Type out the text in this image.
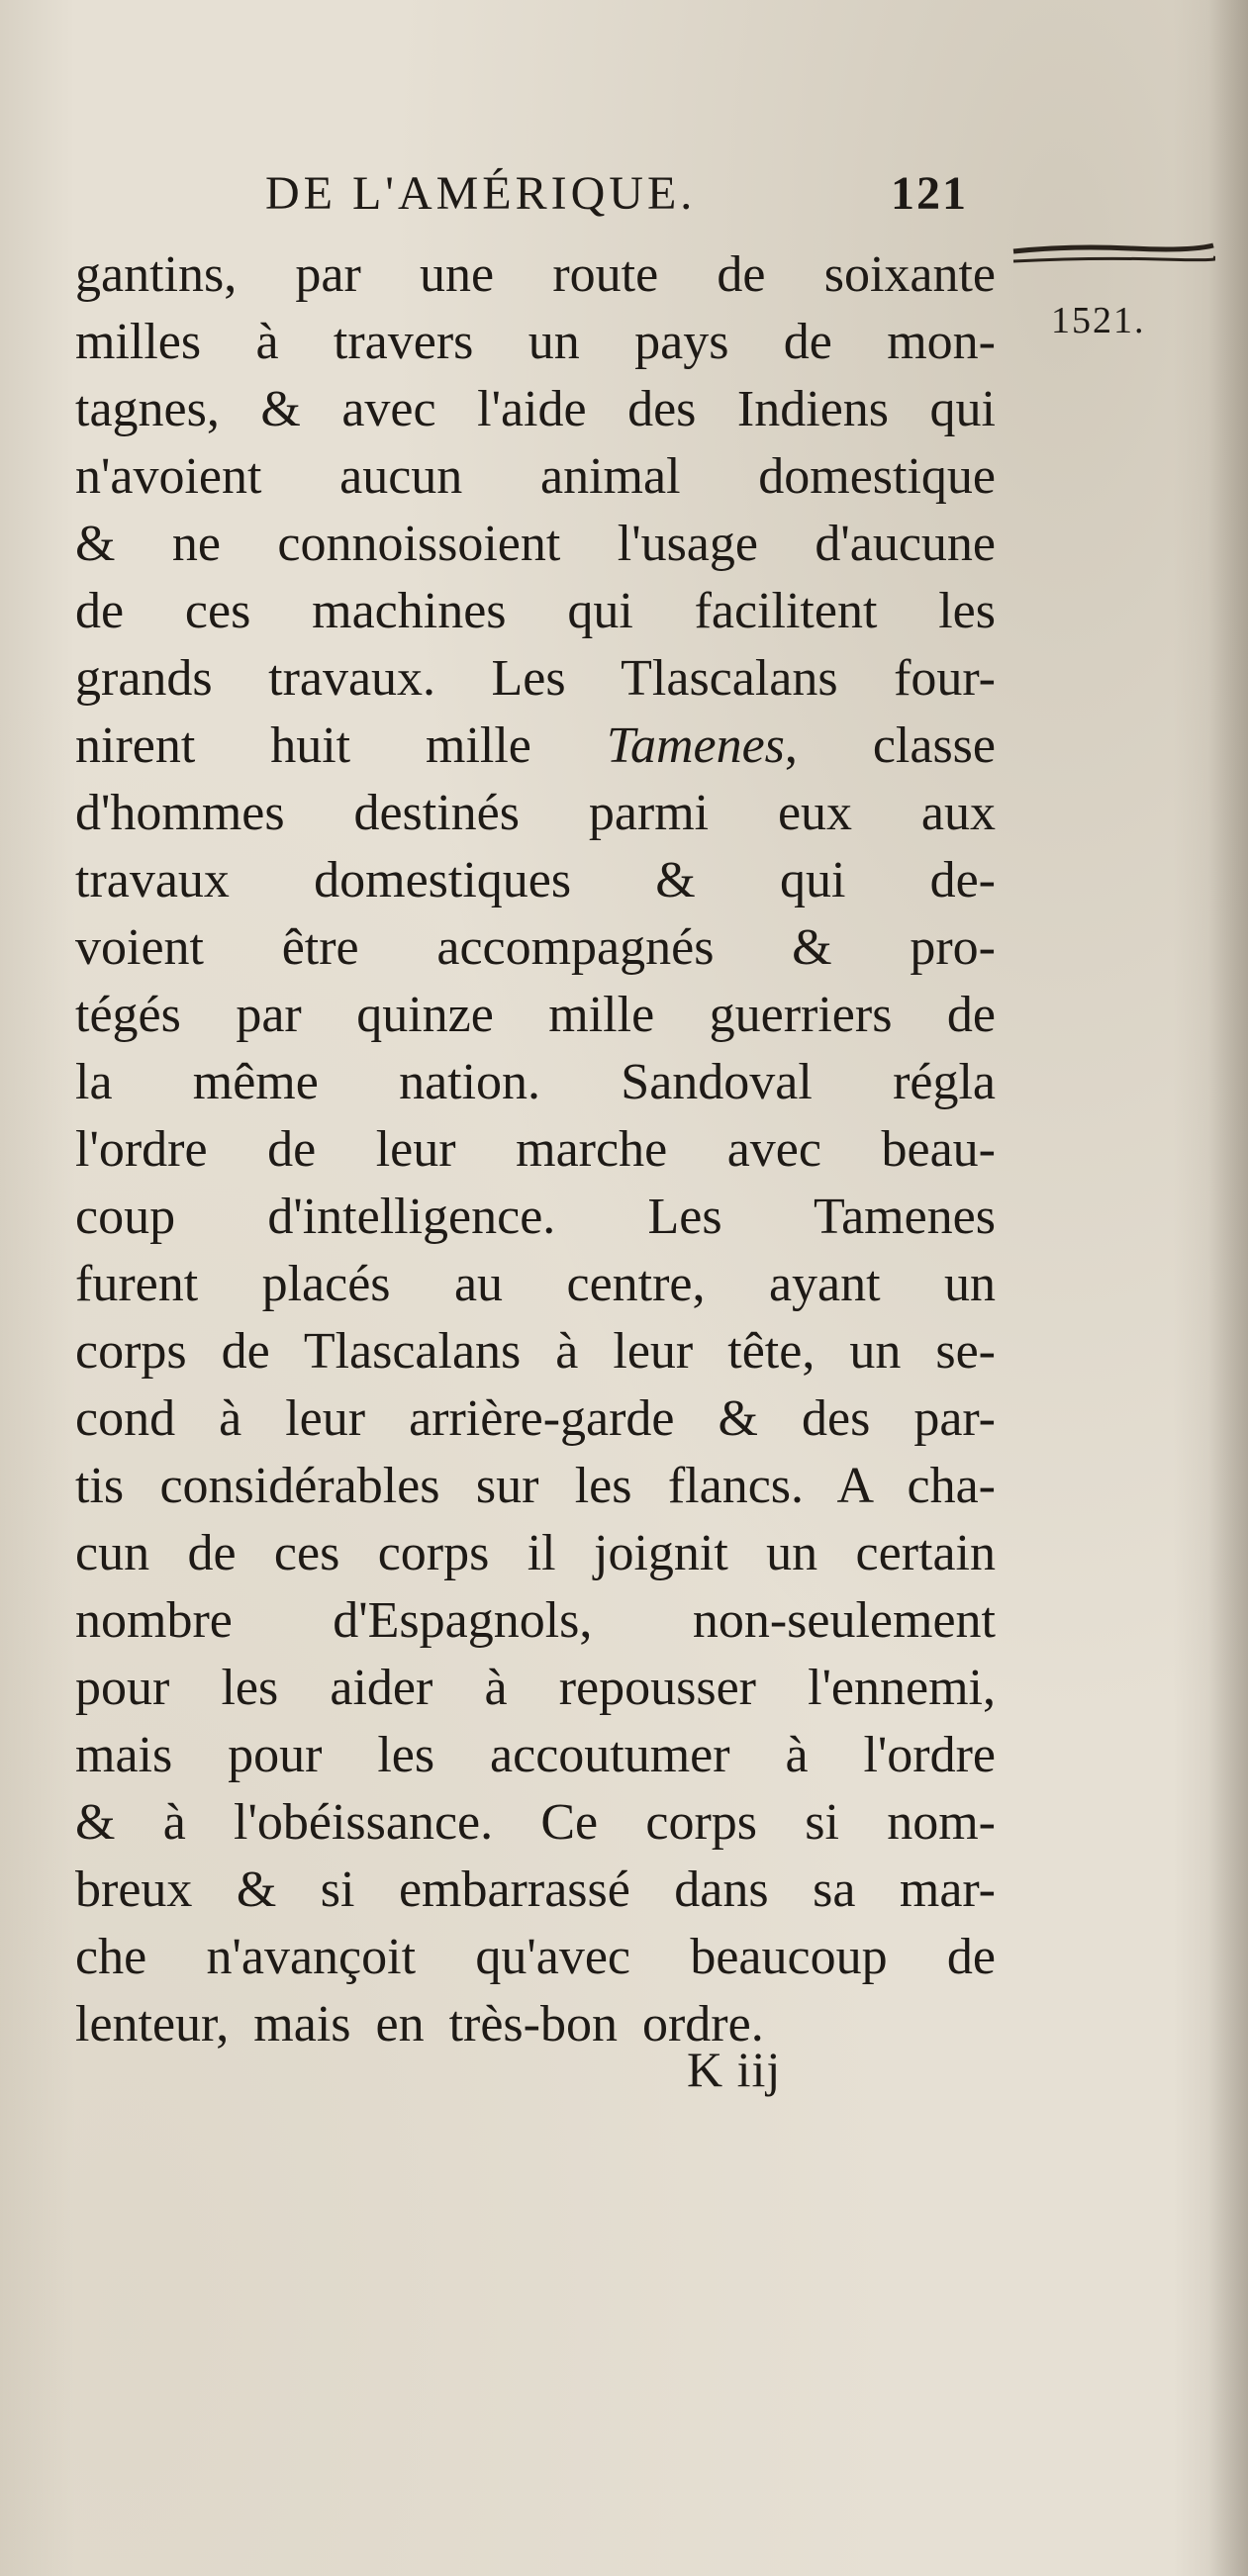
DE L'AMÉRIQUE.	121
1521.
gantins, par une route de soixante
milles à travers un pays de mon-
tagnes, & avec l'aide des Indiens qui
n'avoient aucun animal domestique
& ne connoissoient l'usage d'aucune
de ces machines qui facilitent les
grands travaux. Les Tlascalans four-
nirent huit mille Tamenes, classe
d'hommes destinés parmi eux aux
travaux domestiques & qui de-
voient être accompagnés & pro-
tégés par quinze mille guerriers de
la même nation. Sandoval régla
l'ordre de leur marche avec beau-
coup d'intelligence. Les Tamenes
furent placés au centre, ayant un
corps de Tlascalans à leur tête, un se-
cond à leur arrière-garde & des par-
tis considérables sur les flancs. A cha-
cun de ces corps il joignit un certain
nombre d'Espagnols, non-seulement
pour les aider à repousser l'ennemi,
mais pour les accoutumer à l'ordre
& à l'obéissance. Ce corps si nom-
breux & si embarrassé dans sa mar-
che n'avançoit qu'avec beaucoup de
lenteur, mais en très-bon ordre.
K iij
